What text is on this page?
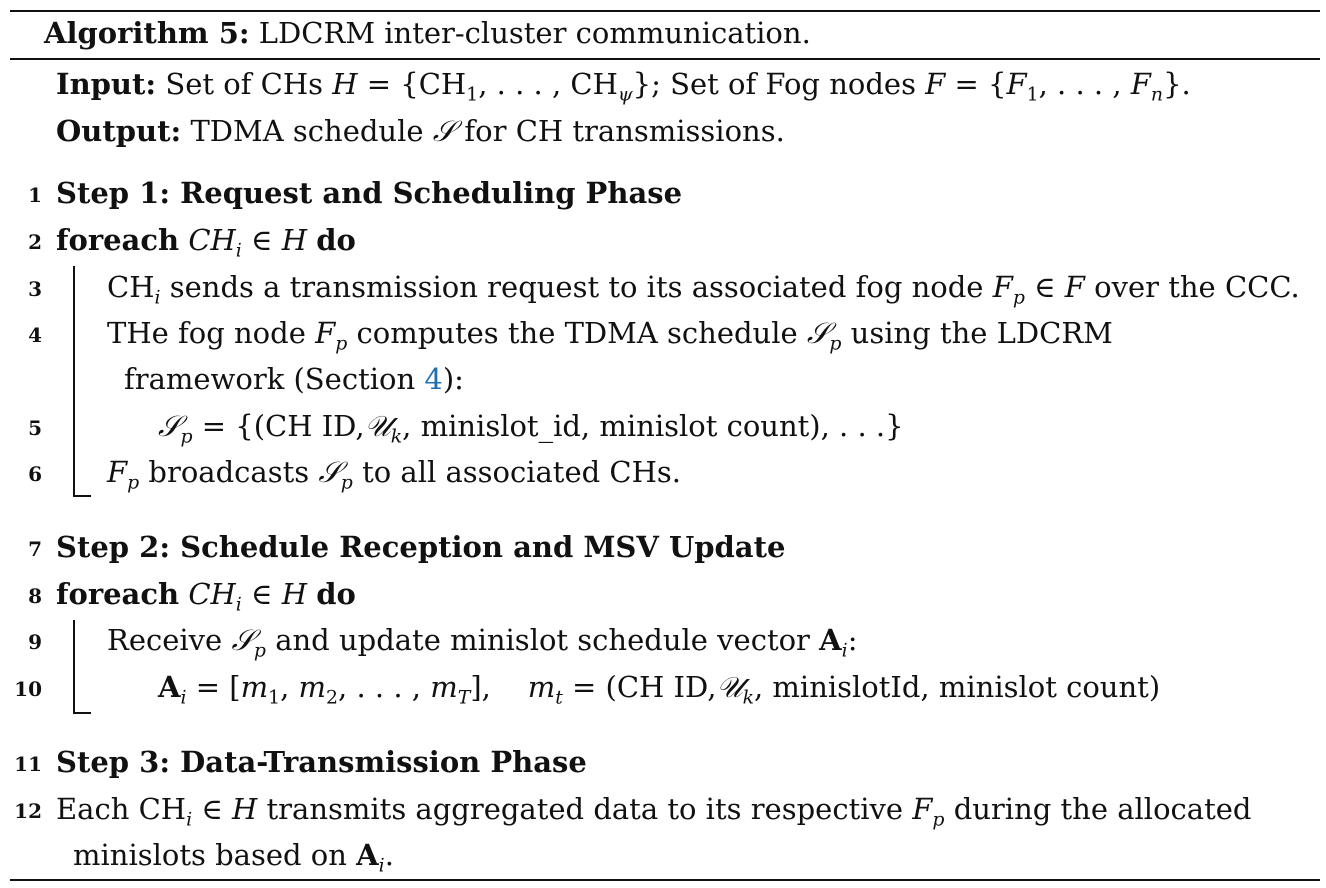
Algorithm 5: LDCRM inter-cluster communication.
Input: Set of CHs $H = \{CH_1$, . . . , $CH_\psi$}; Set of Fog nodes $F = \{F_1$, . . . , $F_n$}.
Output: TDMA schedule 𝒮 for CH transmissions.
1
2
3
4
5
6
7
8
9
10
11
12
Step 1: Request and Scheduling Phase
foreach $CH_i$ ∈ H do
$CH_i$ sends a transmission request to its associated fog node $F_p$ ∈ F over the CCC.
THe fog node $F_p$ computes the TDMA schedule 𝒮$_p$ using the LDCRM
framework (Section 4):
𝒮$_p$ = {(CH ID,𝒰$_k$, minislot_id, minislot count), . . .}
$F_p$ broadcasts 𝒮$_p$ to all associated CHs.
Step 2: Schedule Reception and MSV Update
foreach $CH_i$ ∈ H do
Receive 𝒮$_p$ and update minislot schedule vector $A_i$:
$A_i = [m_1$, $m_2$, . . . , $m_T$],    $m_t = (CH$ ID,𝒰$_k$, minislotId, minislot count)
Step 3: Data-Transmission Phase
Each $CH_i$ ∈ H transmits aggregated data to its respective $F_p$ during the allocated
minislots based on $A_i$.
